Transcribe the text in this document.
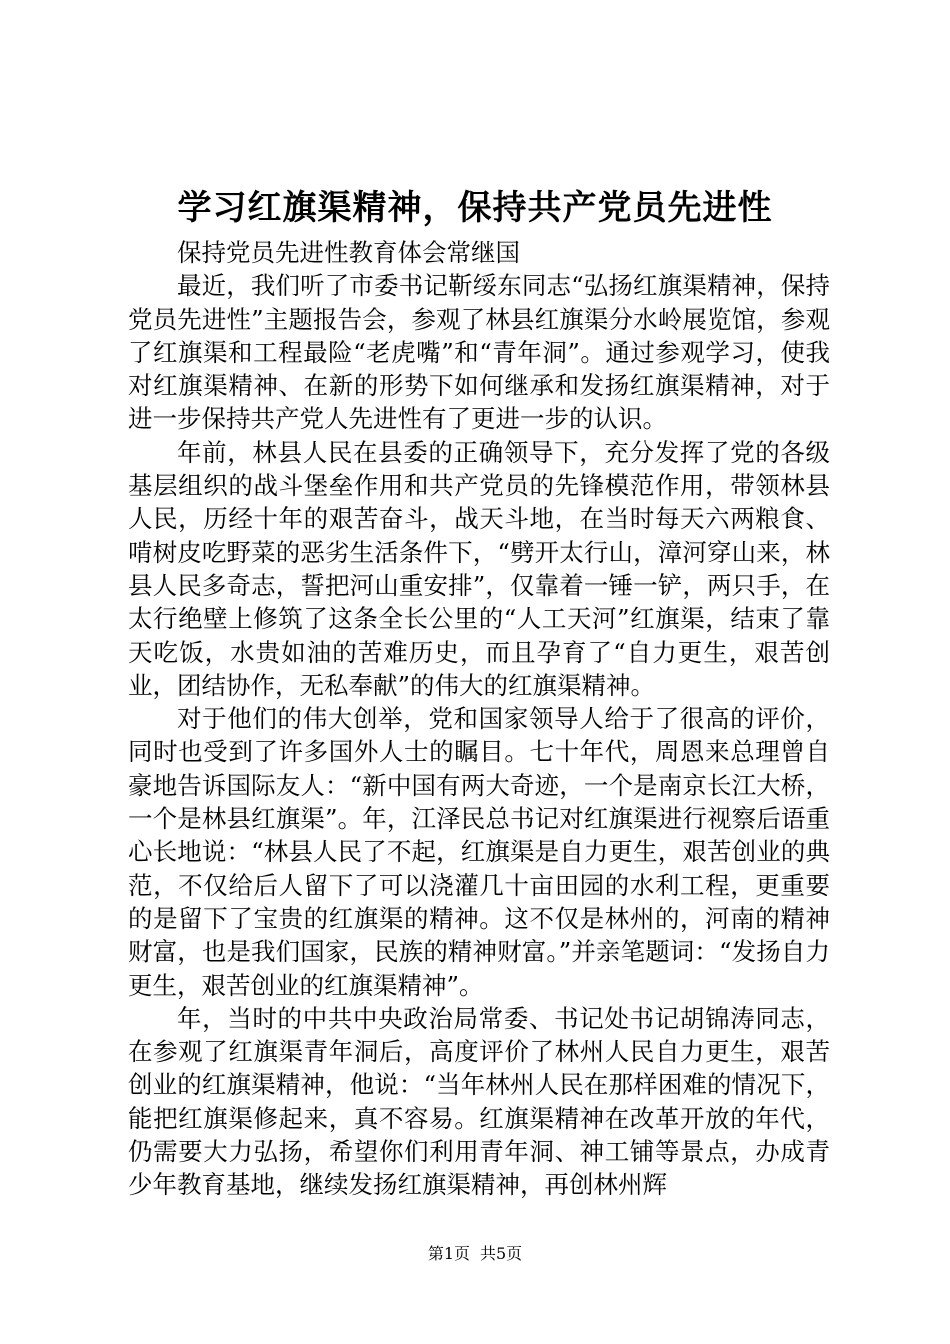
学习红旗渠精神，保持共产党员先进性
保持党员先进性教育体会常继国

最近，我们听了市委书记靳绥东同志“弘扬红旗渠精神，保持党员先进性”主题报告会，参观了林县红旗渠分水岭展览馆，参观了红旗渠和工程最险“老虎嘴”和“青年洞”。通过参观学习，使我对红旗渠精神、在新的形势下如何继承和发扬红旗渠精神，对于进一步保持共产党人先进性有了更进一步的认识。

年前，林县人民在县委的正确领导下，充分发挥了党的各级基层组织的战斗堡垒作用和共产党员的先锋模范作用，带领林县人民，历经十年的艰苦奋斗，战天斗地，在当时每天六两粮食、啃树皮吃野菜的恶劣生活条件下，“劈开太行山，漳河穿山来，林县人民多奇志，誓把河山重安排”，仅靠着一锤一铲，两只手，在太行绝壁上修筑了这条全长公里的“人工天河”红旗渠，结束了靠天吃饭，水贵如油的苦难历史，而且孕育了“自力更生，艰苦创业，团结协作，无私奉献”的伟大的红旗渠精神。

对于他们的伟大创举，党和国家领导人给于了很高的评价，同时也受到了许多国外人士的瞩目。七十年代，周恩来总理曾自豪地告诉国际友人：“新中国有两大奇迹，一个是南京长江大桥，一个是林县红旗渠”。年，江泽民总书记对红旗渠进行视察后语重心长地说：“林县人民了不起，红旗渠是自力更生，艰苦创业的典范，不仅给后人留下了可以浇灌几十亩田园的水利工程，更重要的是留下了宝贵的红旗渠的精神。这不仅是林州的，河南的精神财富，也是我们国家，民族的精神财富。”并亲笔题词：“发扬自力更生，艰苦创业的红旗渠精神”。

年，当时的中共中央政治局常委、书记处书记胡锦涛同志，在参观了红旗渠青年洞后，高度评价了林州人民自力更生，艰苦创业的红旗渠精神，他说：“当年林州人民在那样困难的情况下，能把红旗渠修起来，真不容易。红旗渠精神在改革开放的年代，仍需要大力弘扬，希望你们利用青年洞、神工铺等景点，办成青少年教育基地，继续发扬红旗渠精神，再创林州辉

第1页 共5页
